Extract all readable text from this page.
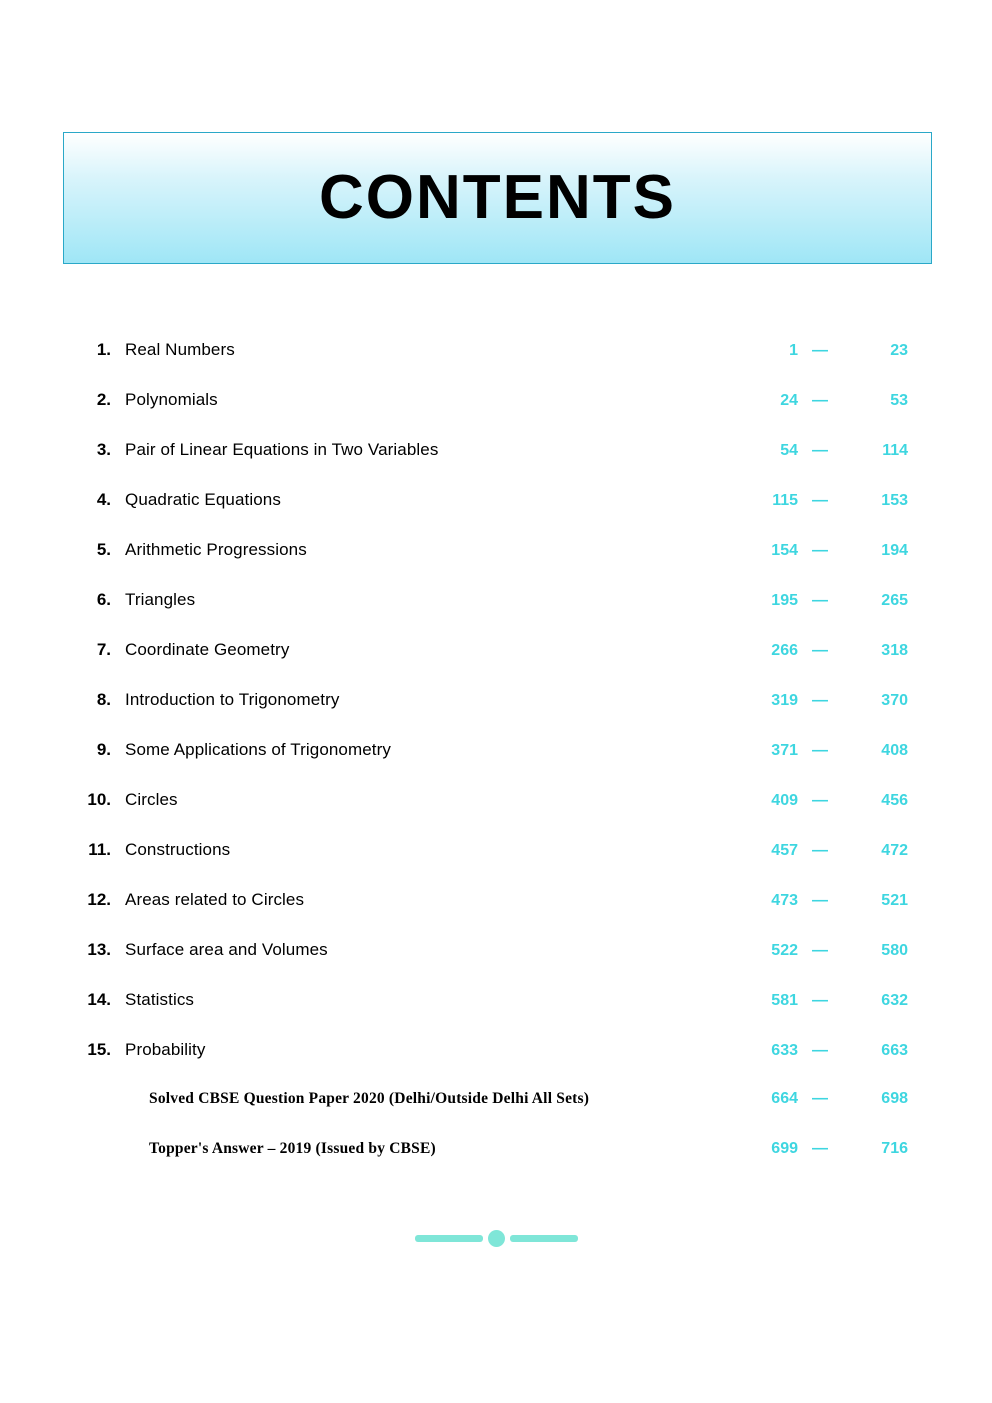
CONTENTS
1. Real Numbers	1 —	23
2. Polynomials	24 —	53
3. Pair of Linear Equations in Two Variables	54 —	114
4. Quadratic Equations	115 —	153
5. Arithmetic Progressions	154 —	194
6. Triangles	195 —	265
7. Coordinate Geometry	266 —	318
8. Introduction to Trigonometry	319 —	370
9. Some Applications of Trigonometry	371 —	408
10. Circles	409 —	456
11. Constructions	457 —	472
12. Areas related to Circles	473 —	521
13. Surface area and Volumes	522 —	580
14. Statistics	581 —	632
15. Probability	633 —	663
Solved CBSE Question Paper 2020 (Delhi/Outside Delhi All Sets)	664 —	698
Topper's Answer – 2019 (Issued by CBSE)	699 —	716
